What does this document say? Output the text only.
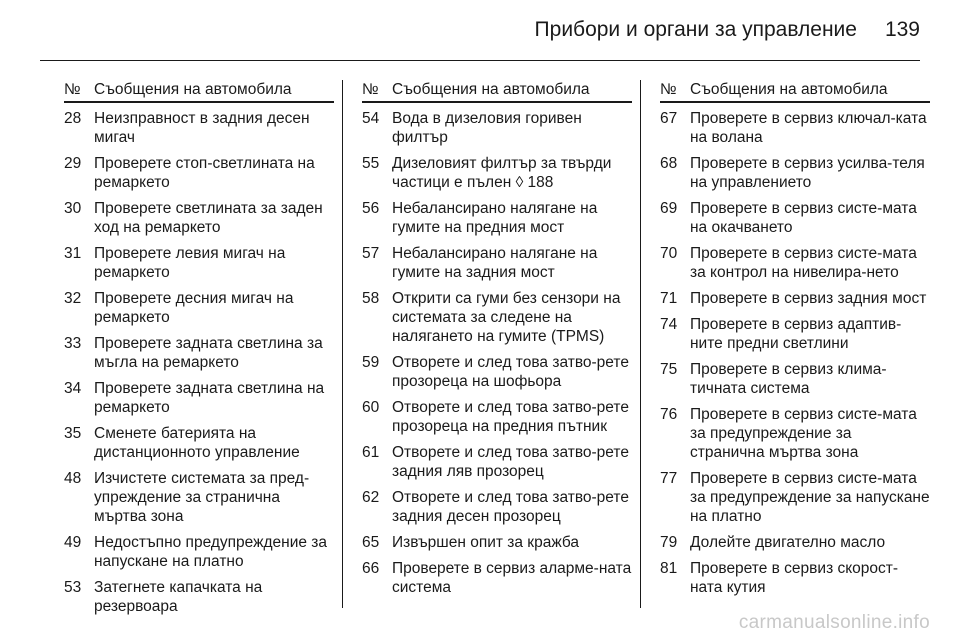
Прибори и органи за управление 139
№ Съобщения на автомобила
28 Неизправност в задния десен мигач
29 Проверете стоп-светлината на ремаркето
30 Проверете светлината за заден ход на ремаркето
31 Проверете левия мигач на ремаркето
32 Проверете десния мигач на ремаркето
33 Проверете задната светлина за мъгла на ремаркето
34 Проверете задната светлина на ремаркето
35 Сменете батерията на дистанционното управление
48 Изчистете системата за пред-упреждение за странична мъртва зона
49 Недостъпно предупреждение за напускане на платно
53 Затегнете капачката на резервоара
№ Съобщения на автомобила
54 Вода в дизеловия горивен филтър
55 Дизеловият филтър за твърди частици е пълен ◊ 188
56 Небалансирано налягане на гумите на предния мост
57 Небалансирано налягане на гумите на задния мост
58 Открити са гуми без сензори на системата за следене на налягането на гумите (TPMS)
59 Отворете и след това затво-рете прозореца на шофьора
60 Отворете и след това затво-рете прозореца на предния пътник
61 Отворете и след това затво-рете задния ляв прозорец
62 Отворете и след това затво-рете задния десен прозорец
65 Извършен опит за кражба
66 Проверете в сервиз аларме-ната система
№ Съобщения на автомобила
67 Проверете в сервиз ключал-ката на волана
68 Проверете в сервиз усилва-теля на управлението
69 Проверете в сервиз систе-мата на окачването
70 Проверете в сервиз систе-мата за контрол на нивелира-нето
71 Проверете в сервиз задния мост
74 Проверете в сервиз адаптив-ните предни светлини
75 Проверете в сервиз клима-тичната система
76 Проверете в сервиз систе-мата за предупреждение за странична мъртва зона
77 Проверете в сервиз систе-мата за предупреждение за напускане на платно
79 Долейте двигателно масло
81 Проверете в сервиз скорост-ната кутия
carmanualsonline.info
